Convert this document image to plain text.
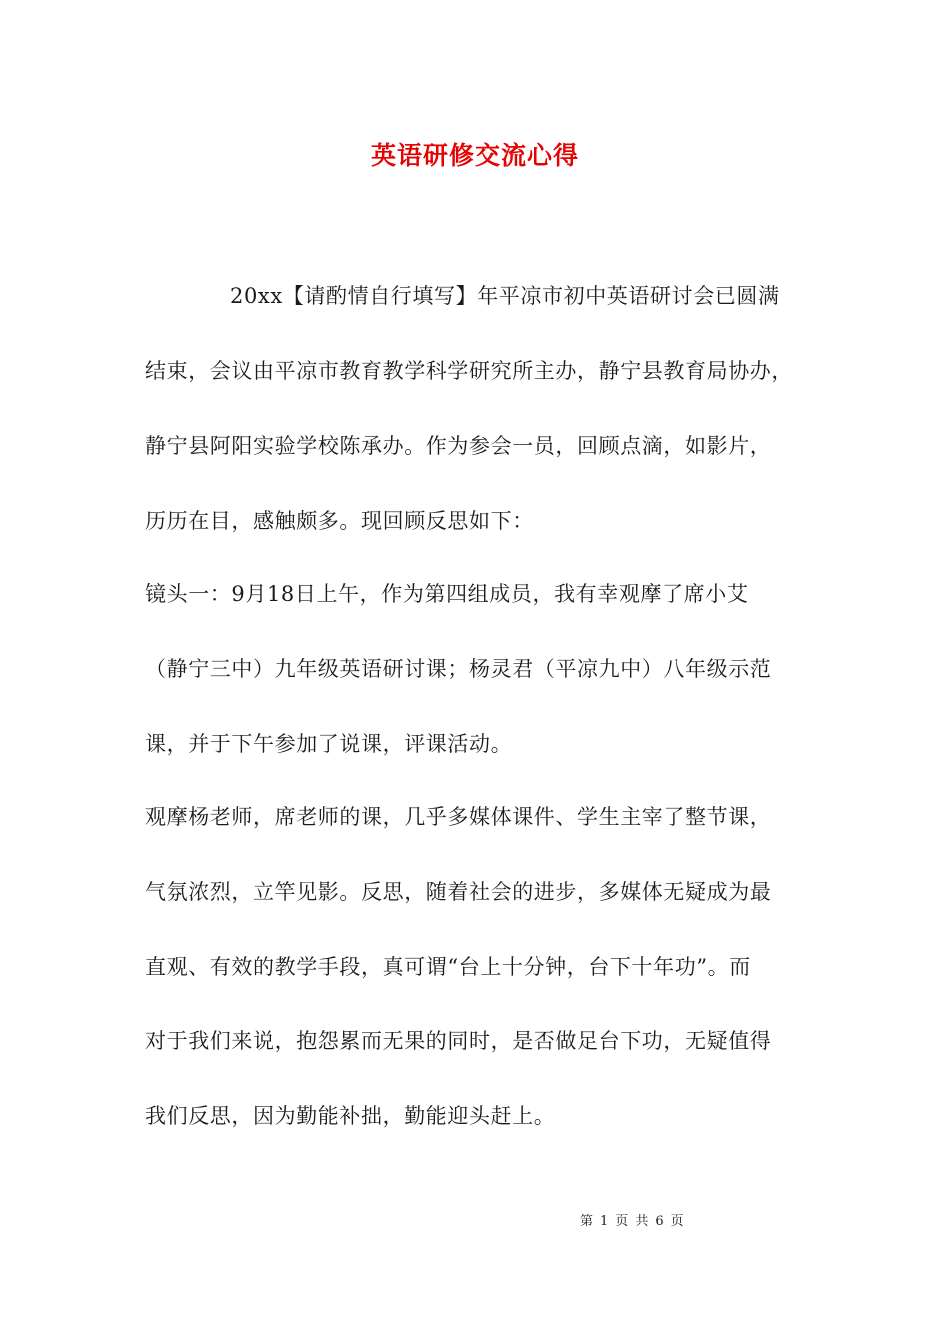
英语研修交流心得
20xx【请酌情自行填写】年平凉市初中英语研讨会已圆满
结束，会议由平凉市教育教学科学研究所主办，静宁县教育局协办，
静宁县阿阳实验学校陈承办。作为参会一员，回顾点滴，如影片，
历历在目，感触颇多。现回顾反思如下：
镜头一：9月18日上午，作为第四组成员，我有幸观摩了席小艾
（静宁三中）九年级英语研讨课；杨灵君（平凉九中）八年级示范
课，并于下午参加了说课，评课活动。
观摩杨老师，席老师的课，几乎多媒体课件、学生主宰了整节课，
气氛浓烈，立竿见影。反思，随着社会的进步，多媒体无疑成为最
直观、有效的教学手段，真可谓“台上十分钟，台下十年功”。而
对于我们来说，抱怨累而无果的同时，是否做足台下功，无疑值得
我们反思，因为勤能补拙，勤能迎头赶上。
第 1 页 共 6 页
